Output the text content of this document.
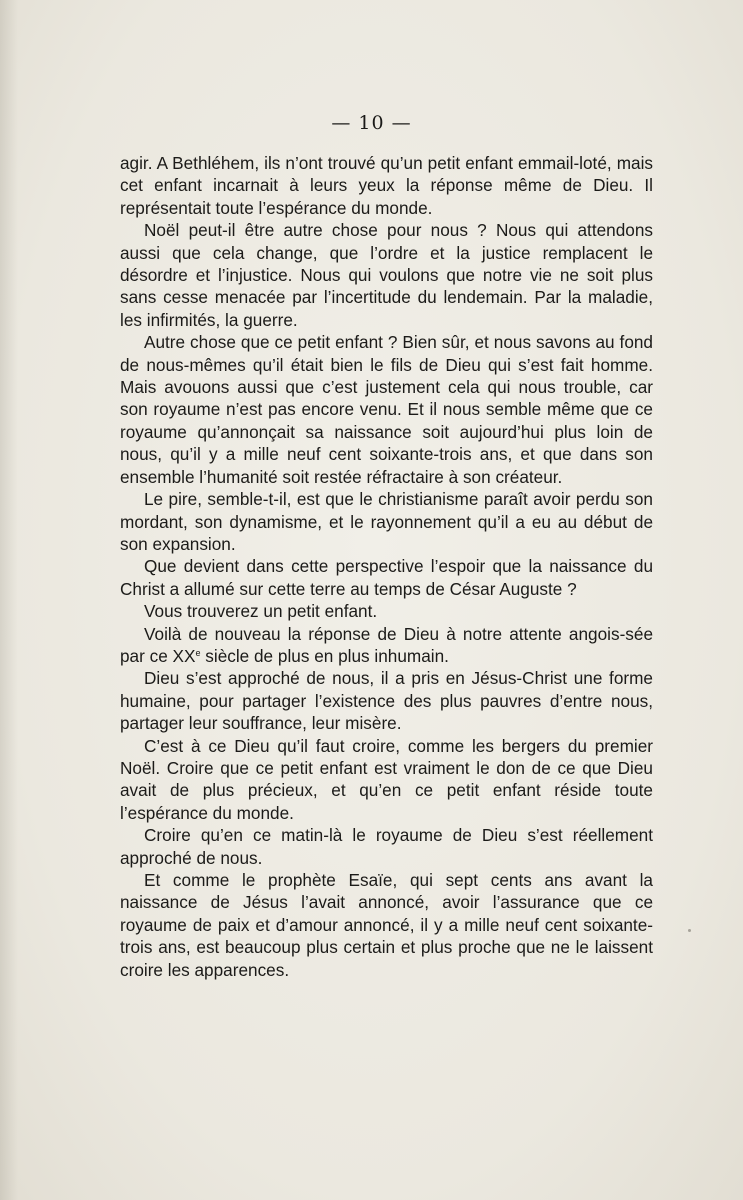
— 10 —

agir. A Bethléhem, ils n’ont trouvé qu’un petit enfant emmail-loté, mais cet enfant incarnait à leurs yeux la réponse même de Dieu. Il représentait toute l’espérance du monde.

Noël peut-il être autre chose pour nous ? Nous qui attendons aussi que cela change, que l’ordre et la justice remplacent le désordre et l’injustice. Nous qui voulons que notre vie ne soit plus sans cesse menacée par l’incertitude du lendemain. Par la maladie, les infirmités, la guerre.

Autre chose que ce petit enfant ? Bien sûr, et nous savons au fond de nous-mêmes qu’il était bien le fils de Dieu qui s’est fait homme. Mais avouons aussi que c’est justement cela qui nous trouble, car son royaume n’est pas encore venu. Et il nous semble même que ce royaume qu’annonçait sa naissance soit aujourd’hui plus loin de nous, qu’il y a mille neuf cent soixante-trois ans, et que dans son ensemble l’humanité soit restée réfractaire à son créateur.

Le pire, semble-t-il, est que le christianisme paraît avoir perdu son mordant, son dynamisme, et le rayonnement qu’il a eu au début de son expansion.

Que devient dans cette perspective l’espoir que la naissance du Christ a allumé sur cette terre au temps de César Auguste ?

Vous trouverez un petit enfant.

Voilà de nouveau la réponse de Dieu à notre attente angois-sée par ce XXe siècle de plus en plus inhumain.

Dieu s’est approché de nous, il a pris en Jésus-Christ une forme humaine, pour partager l’existence des plus pauvres d’entre nous, partager leur souffrance, leur misère.

C’est à ce Dieu qu’il faut croire, comme les bergers du premier Noël. Croire que ce petit enfant est vraiment le don de ce que Dieu avait de plus précieux, et qu’en ce petit enfant réside toute l’espérance du monde.

Croire qu’en ce matin-là le royaume de Dieu s’est réellement approché de nous.

Et comme le prophète Esaïe, qui sept cents ans avant la naissance de Jésus l’avait annoncé, avoir l’assurance que ce royaume de paix et d’amour annoncé, il y a mille neuf cent soixante-trois ans, est beaucoup plus certain et plus proche que ne le laissent croire les apparences.
